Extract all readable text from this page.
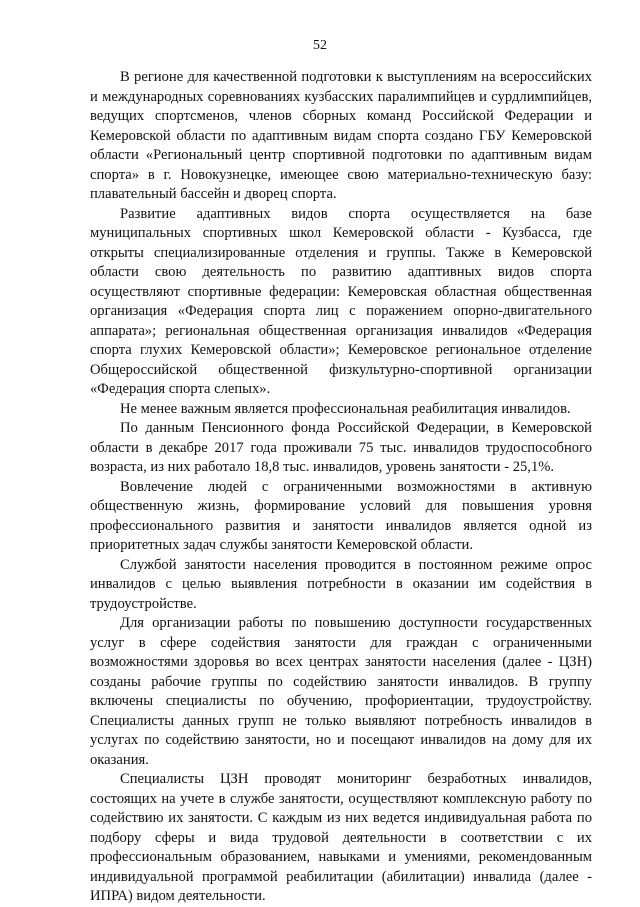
52

В регионе для качественной подготовки к выступлениям на всероссийских и международных соревнованиях кузбасских паралимпийцев и сурдлимпийцев, ведущих спортсменов, членов сборных команд Российской Федерации и Кемеровской области по адаптивным видам спорта создано ГБУ Кемеровской области «Региональный центр спортивной подготовки по адаптивным видам спорта» в г. Новокузнецке, имеющее свою материально-техническую базу: плавательный бассейн и дворец спорта.

Развитие адаптивных видов спорта осуществляется на базе муниципальных спортивных школ Кемеровской области - Кузбасса, где открыты специализированные отделения и группы. Также в Кемеровской области свою деятельность по развитию адаптивных видов спорта осуществляют спортивные федерации: Кемеровская областная общественная организация «Федерация спорта лиц с поражением опорно-двигательного аппарата»; региональная общественная организация инвалидов «Федерация спорта глухих Кемеровской области»; Кемеровское региональное отделение Общероссийской общественной физкультурно-спортивной организации «Федерация спорта слепых».

Не менее важным является профессиональная реабилитация инвалидов.

По данным Пенсионного фонда Российской Федерации, в Кемеровской области в декабре 2017 года проживали 75 тыс. инвалидов трудоспособного возраста, из них работало 18,8 тыс. инвалидов, уровень занятости - 25,1%.

Вовлечение людей с ограниченными возможностями в активную общественную жизнь, формирование условий для повышения уровня профессионального развития и занятости инвалидов является одной из приоритетных задач службы занятости Кемеровской области.

Службой занятости населения проводится в постоянном режиме опрос инвалидов с целью выявления потребности в оказании им содействия в трудоустройстве.

Для организации работы по повышению доступности государственных услуг в сфере содействия занятости для граждан с ограниченными возможностями здоровья во всех центрах занятости населения (далее - ЦЗН) созданы рабочие группы по содействию занятости инвалидов. В группу включены специалисты по обучению, профориентации, трудоустройству. Специалисты данных групп не только выявляют потребность инвалидов в услугах по содействию занятости, но и посещают инвалидов на дому для их оказания.

Специалисты ЦЗН проводят мониторинг безработных инвалидов, состоящих на учете в службе занятости, осуществляют комплексную работу по содействию их занятости. С каждым из них ведется индивидуальная работа по подбору сферы и вида трудовой деятельности в соответствии с их профессиональным образованием, навыками и умениями, рекомендованным индивидуальной программой реабилитации (абилитации) инвалида (далее - ИПРА) видом деятельности.
